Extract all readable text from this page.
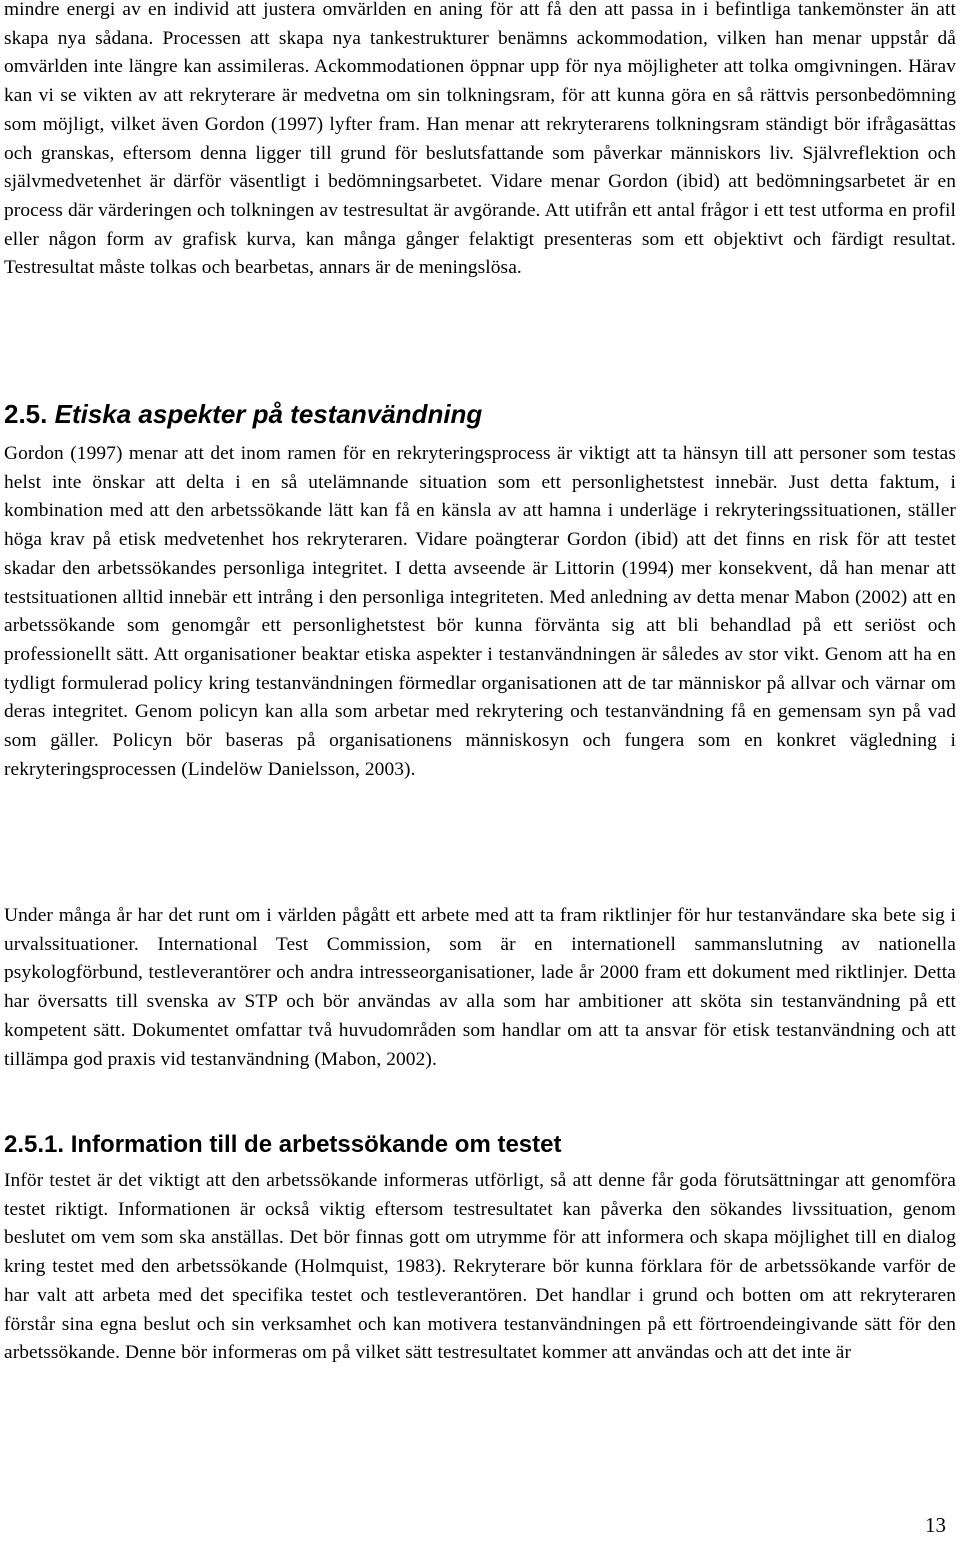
mindre energi av en individ att justera omvärlden en aning för att få den att passa in i befintliga tankemönster än att skapa nya sådana. Processen att skapa nya tankestrukturer benämns ackommodation, vilken han menar uppstår då omvärlden inte längre kan assimileras. Ackommodationen öppnar upp för nya möjligheter att tolka omgivningen. Härav kan vi se vikten av att rekryterare är medvetna om sin tolkningsram, för att kunna göra en så rättvis personbedömning som möjligt, vilket även Gordon (1997) lyfter fram. Han menar att rekryterarens tolkningsram ständigt bör ifrågasättas och granskas, eftersom denna ligger till grund för beslutsfattande som påverkar människors liv. Självreflektion och självmedvetenhet är därför väsentligt i bedömningsarbetet. Vidare menar Gordon (ibid) att bedömningsarbetet är en process där värderingen och tolkningen av testresultat är avgörande. Att utifrån ett antal frågor i ett test utforma en profil eller någon form av grafisk kurva, kan många gånger felaktigt presenteras som ett objektivt och färdigt resultat. Testresultat måste tolkas och bearbetas, annars är de meningslösa.

2.5. Etiska aspekter på testanvändning

Gordon (1997) menar att det inom ramen för en rekryteringsprocess är viktigt att ta hänsyn till att personer som testas helst inte önskar att delta i en så utelämnande situation som ett personlighetstest innebär. Just detta faktum, i kombination med att den arbetssökande lätt kan få en känsla av att hamna i underläge i rekryteringssituationen, ställer höga krav på etisk medvetenhet hos rekryteraren. Vidare poängterar Gordon (ibid) att det finns en risk för att testet skadar den arbetssökandes personliga integritet. I detta avseende är Littorin (1994) mer konsekvent, då han menar att testsituationen alltid innebär ett intrång i den personliga integriteten. Med anledning av detta menar Mabon (2002) att en arbetssökande som genomgår ett personlighetstest bör kunna förvänta sig att bli behandlad på ett seriöst och professionellt sätt. Att organisationer beaktar etiska aspekter i testanvändningen är således av stor vikt. Genom att ha en tydligt formulerad policy kring testanvändningen förmedlar organisationen att de tar människor på allvar och värnar om deras integritet. Genom policyn kan alla som arbetar med rekrytering och testanvändning få en gemensam syn på vad som gäller. Policyn bör baseras på organisationens människosyn och fungera som en konkret vägledning i rekryteringsprocessen (Lindelöw Danielsson, 2003).

Under många år har det runt om i världen pågått ett arbete med att ta fram riktlinjer för hur testanvändare ska bete sig i urvalssituationer. International Test Commission, som är en internationell sammanslutning av nationella psykologförbund, testleverantörer och andra intresseorganisationer, lade år 2000 fram ett dokument med riktlinjer. Detta har översatts till svenska av STP och bör användas av alla som har ambitioner att sköta sin testanvändning på ett kompetent sätt. Dokumentet omfattar två huvudområden som handlar om att ta ansvar för etisk testanvändning och att tillämpa god praxis vid testanvändning (Mabon, 2002).

2.5.1. Information till de arbetssökande om testet

Inför testet är det viktigt att den arbetssökande informeras utförligt, så att denne får goda förutsättningar att genomföra testet riktigt. Informationen är också viktig eftersom testresultatet kan påverka den sökandes livssituation, genom beslutet om vem som ska anställas. Det bör finnas gott om utrymme för att informera och skapa möjlighet till en dialog kring testet med den arbetssökande (Holmquist, 1983). Rekryterare bör kunna förklara för de arbetssökande varför de har valt att arbeta med det specifika testet och testleverantören. Det handlar i grund och botten om att rekryteraren förstår sina egna beslut och sin verksamhet och kan motivera testanvändningen på ett förtroendeingivande sätt för den arbetssökande. Denne bör informeras om på vilket sätt testresultatet kommer att användas och att det inte är

13
